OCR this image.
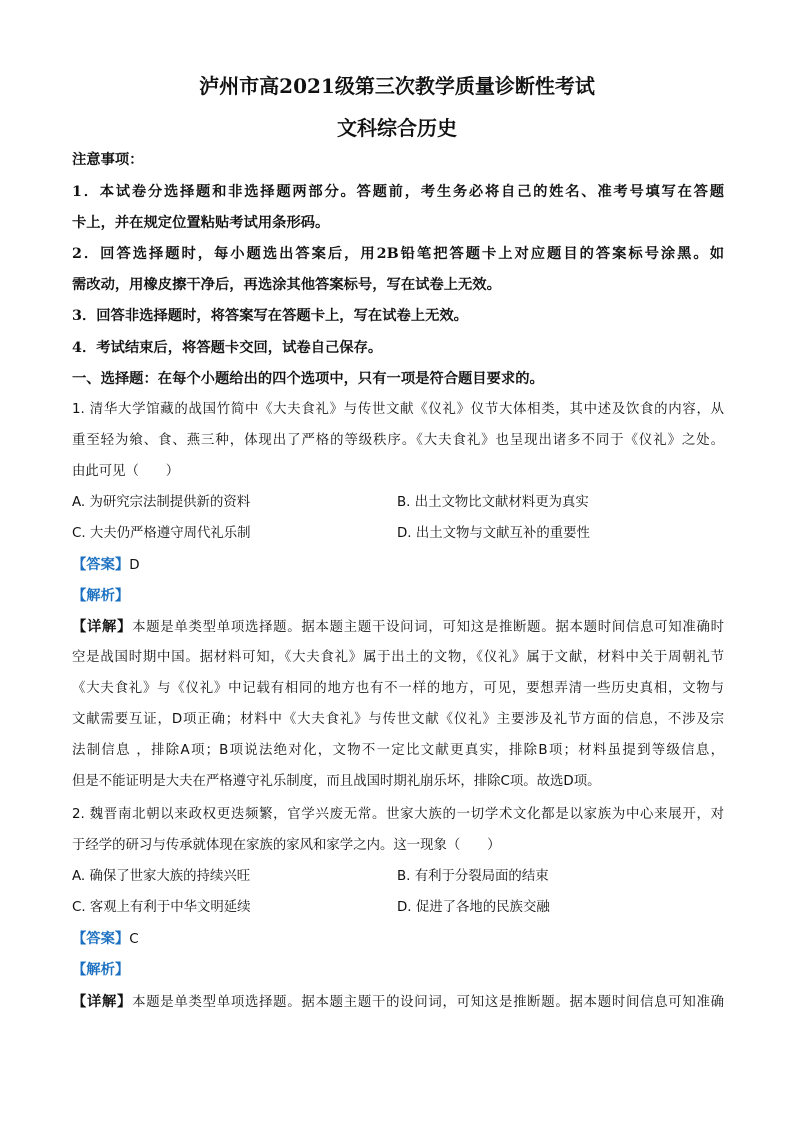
泸州市高2021级第三次教学质量诊断性考试
文科综合历史
注意事项：
1．本试卷分选择题和非选择题两部分。答题前，考生务必将自己的姓名、准考号填写在答题
卡上，并在规定位置粘贴考试用条形码。
2．回答选择题时，每小题选出答案后，用2B铅笔把答题卡上对应题目的答案标号涂黑。如
需改动，用橡皮擦干净后，再选涂其他答案标号，写在试卷上无效。
3．回答非选择题时，将答案写在答题卡上，写在试卷上无效。
4．考试结束后，将答题卡交回，试卷自己保存。
一、选择题：在每个小题给出的四个选项中，只有一项是符合题目要求的。
1. 清华大学馆藏的战国竹简中《大夫食礼》与传世文献《仪礼》仪节大体相类，其中述及饮食的内容，从
重至轻为飨、食、燕三种，体现出了严格的等级秩序。《大夫食礼》也呈现出诸多不同于《仪礼》之处。
由此可见（　　）
A. 为研究宗法制提供新的资料	B. 出土文物比文献材料更为真实
C. 大夫仍严格遵守周代礼乐制	D. 出土文物与文献互补的重要性
【答案】D
【解析】
【详解】本题是单类型单项选择题。据本题主题干设问词，可知这是推断题。据本题时间信息可知准确时
空是战国时期中国。据材料可知，《大夫食礼》属于出土的文物，《仪礼》属于文献，材料中关于周朝礼节
《大夫食礼》与《仪礼》中记载有相同的地方也有不一样的地方，可见，要想弄清一些历史真相，文物与
文献需要互证，D项正确；材料中《大夫食礼》与传世文献《仪礼》主要涉及礼节方面的信息，不涉及宗
法制信息 ，排除A项；B项说法绝对化，文物不一定比文献更真实，排除B项；材料虽提到等级信息，
但是不能证明是大夫在严格遵守礼乐制度，而且战国时期礼崩乐坏，排除C项。故选D项。
2. 魏晋南北朝以来政权更迭频繁，官学兴废无常。世家大族的一切学术文化都是以家族为中心来展开，对
于经学的研习与传承就体现在家族的家风和家学之内。这一现象（　　）
A. 确保了世家大族的持续兴旺	B. 有利于分裂局面的结束
C. 客观上有利于中华文明延续	D. 促进了各地的民族交融
【答案】C
【解析】
【详解】本题是单类型单项选择题。据本题主题干的设问词，可知这是推断题。据本题时间信息可知准确
